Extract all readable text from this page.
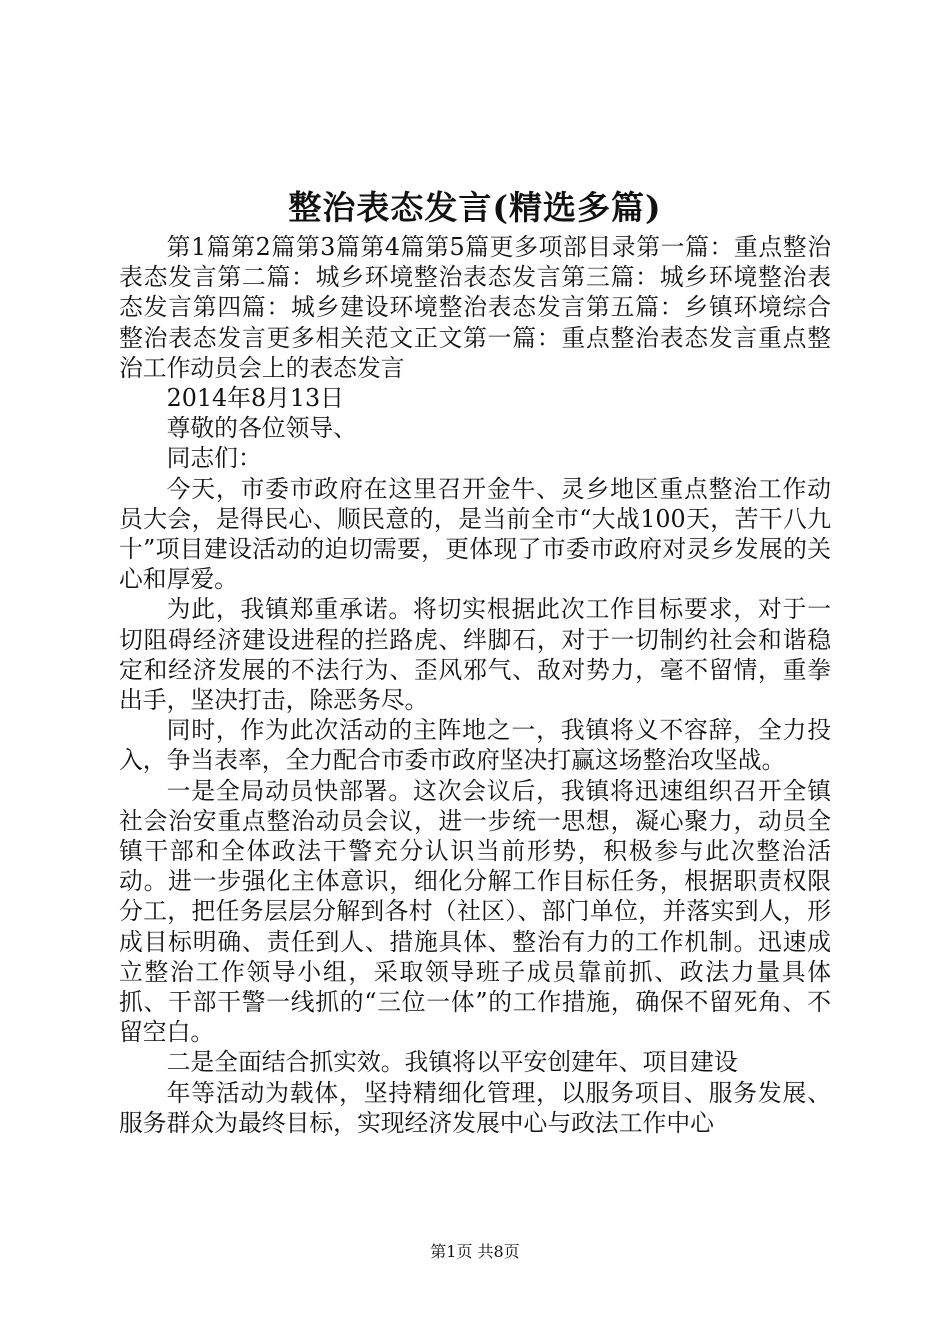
整治表态发言(精选多篇)

第1篇第2篇第3篇第4篇第5篇更多项部目录第一篇：重点整治表态发言第二篇：城乡环境整治表态发言第三篇：城乡环境整治表态发言第四篇：城乡建设环境整治表态发言第五篇：乡镇环境综合整治表态发言更多相关范文正文第一篇：重点整治表态发言重点整治工作动员会上的表态发言

2014年8月13日

尊敬的各位领导、

同志们：

今天，市委市政府在这里召开金牛、灵乡地区重点整治工作动员大会，是得民心、顺民意的，是当前全市“大战100天，苦干八九十”项目建设活动的迫切需要，更体现了市委市政府对灵乡发展的关心和厚爱。

为此，我镇郑重承诺。将切实根据此次工作目标要求，对于一切阻碍经济建设进程的拦路虎、绊脚石，对于一切制约社会和谐稳定和经济发展的不法行为、歪风邪气、敌对势力，毫不留情，重拳出手，坚决打击，除恶务尽。

同时，作为此次活动的主阵地之一，我镇将义不容辞，全力投入，争当表率，全力配合市委市政府坚决打赢这场整治攻坚战。

一是全局动员快部署。这次会议后，我镇将迅速组织召开全镇社会治安重点整治动员会议，进一步统一思想，凝心聚力，动员全镇干部和全体政法干警充分认识当前形势，积极参与此次整治活动。进一步强化主体意识，细化分解工作目标任务，根据职责权限分工，把任务层层分解到各村（社区）、部门单位，并落实到人，形成目标明确、责任到人、措施具体、整治有力的工作机制。迅速成立整治工作领导小组，采取领导班子成员靠前抓、政法力量具体抓、干部干警一线抓的“三位一体”的工作措施，确保不留死角、不留空白。

二是全面结合抓实效。我镇将以平安创建年、项目建设

年等活动为载体，坚持精细化管理，以服务项目、服务发展、服务群众为最终目标，实现经济发展中心与政法工作中心

第1页 共8页
